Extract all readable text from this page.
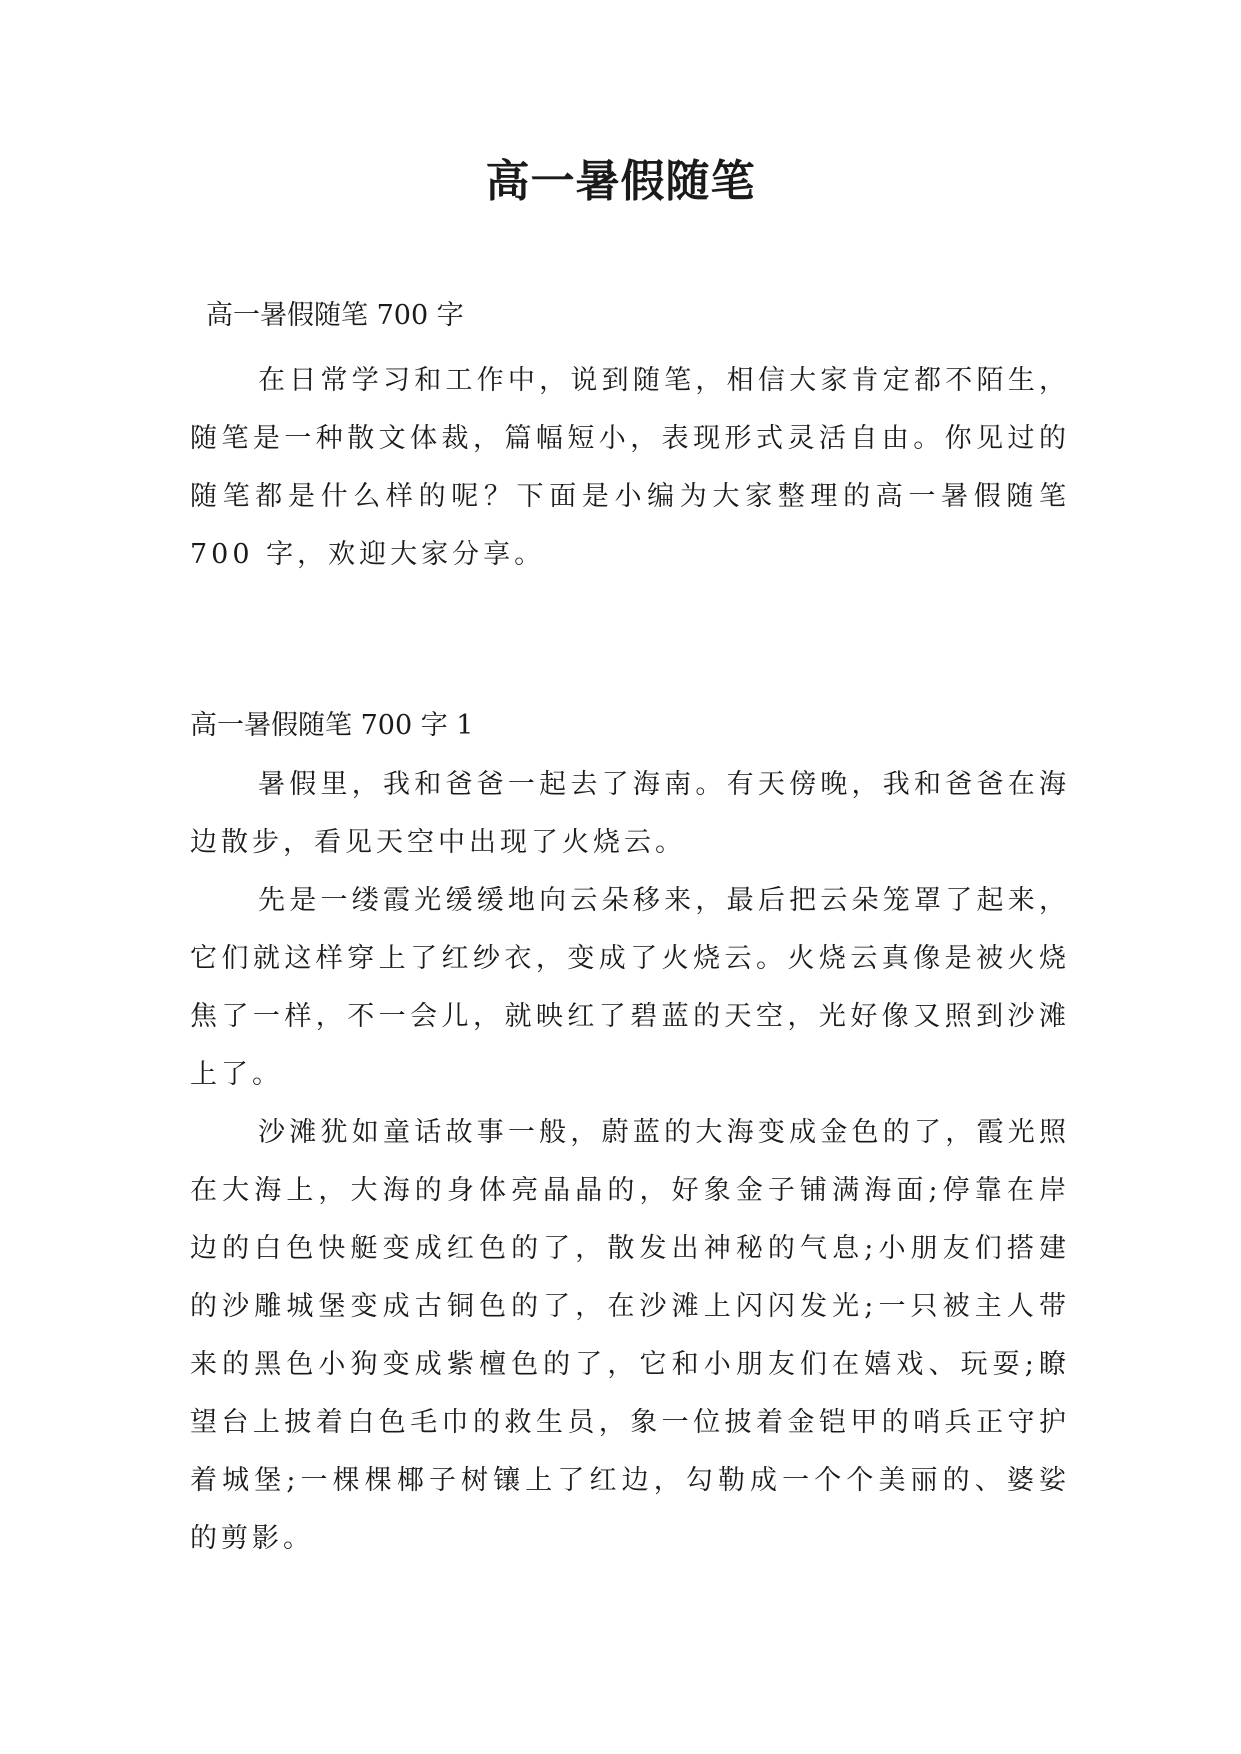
高一暑假随笔

高一暑假随笔 700 字

在日常学习和工作中，说到随笔，相信大家肯定都不陌生，随笔是一种散文体裁，篇幅短小，表现形式灵活自由。你见过的随笔都是什么样的呢？下面是小编为大家整理的高一暑假随笔 700 字，欢迎大家分享。

高一暑假随笔 700 字 1

暑假里，我和爸爸一起去了海南。有天傍晚，我和爸爸在海边散步，看见天空中出现了火烧云。

先是一缕霞光缓缓地向云朵移来，最后把云朵笼罩了起来，它们就这样穿上了红纱衣，变成了火烧云。火烧云真像是被火烧焦了一样，不一会儿，就映红了碧蓝的天空，光好像又照到沙滩上了。

沙滩犹如童话故事一般，蔚蓝的大海变成金色的了，霞光照在大海上，大海的身体亮晶晶的，好象金子铺满海面;停靠在岸边的白色快艇变成红色的了，散发出神秘的气息;小朋友们搭建的沙雕城堡变成古铜色的了，在沙滩上闪闪发光;一只被主人带来的黑色小狗变成紫檀色的了，它和小朋友们在嬉戏、玩耍;瞭望台上披着白色毛巾的救生员，象一位披着金铠甲的哨兵正守护着城堡;一棵棵椰子树镶上了红边，勾勒成一个个美丽的、婆娑的剪影。
